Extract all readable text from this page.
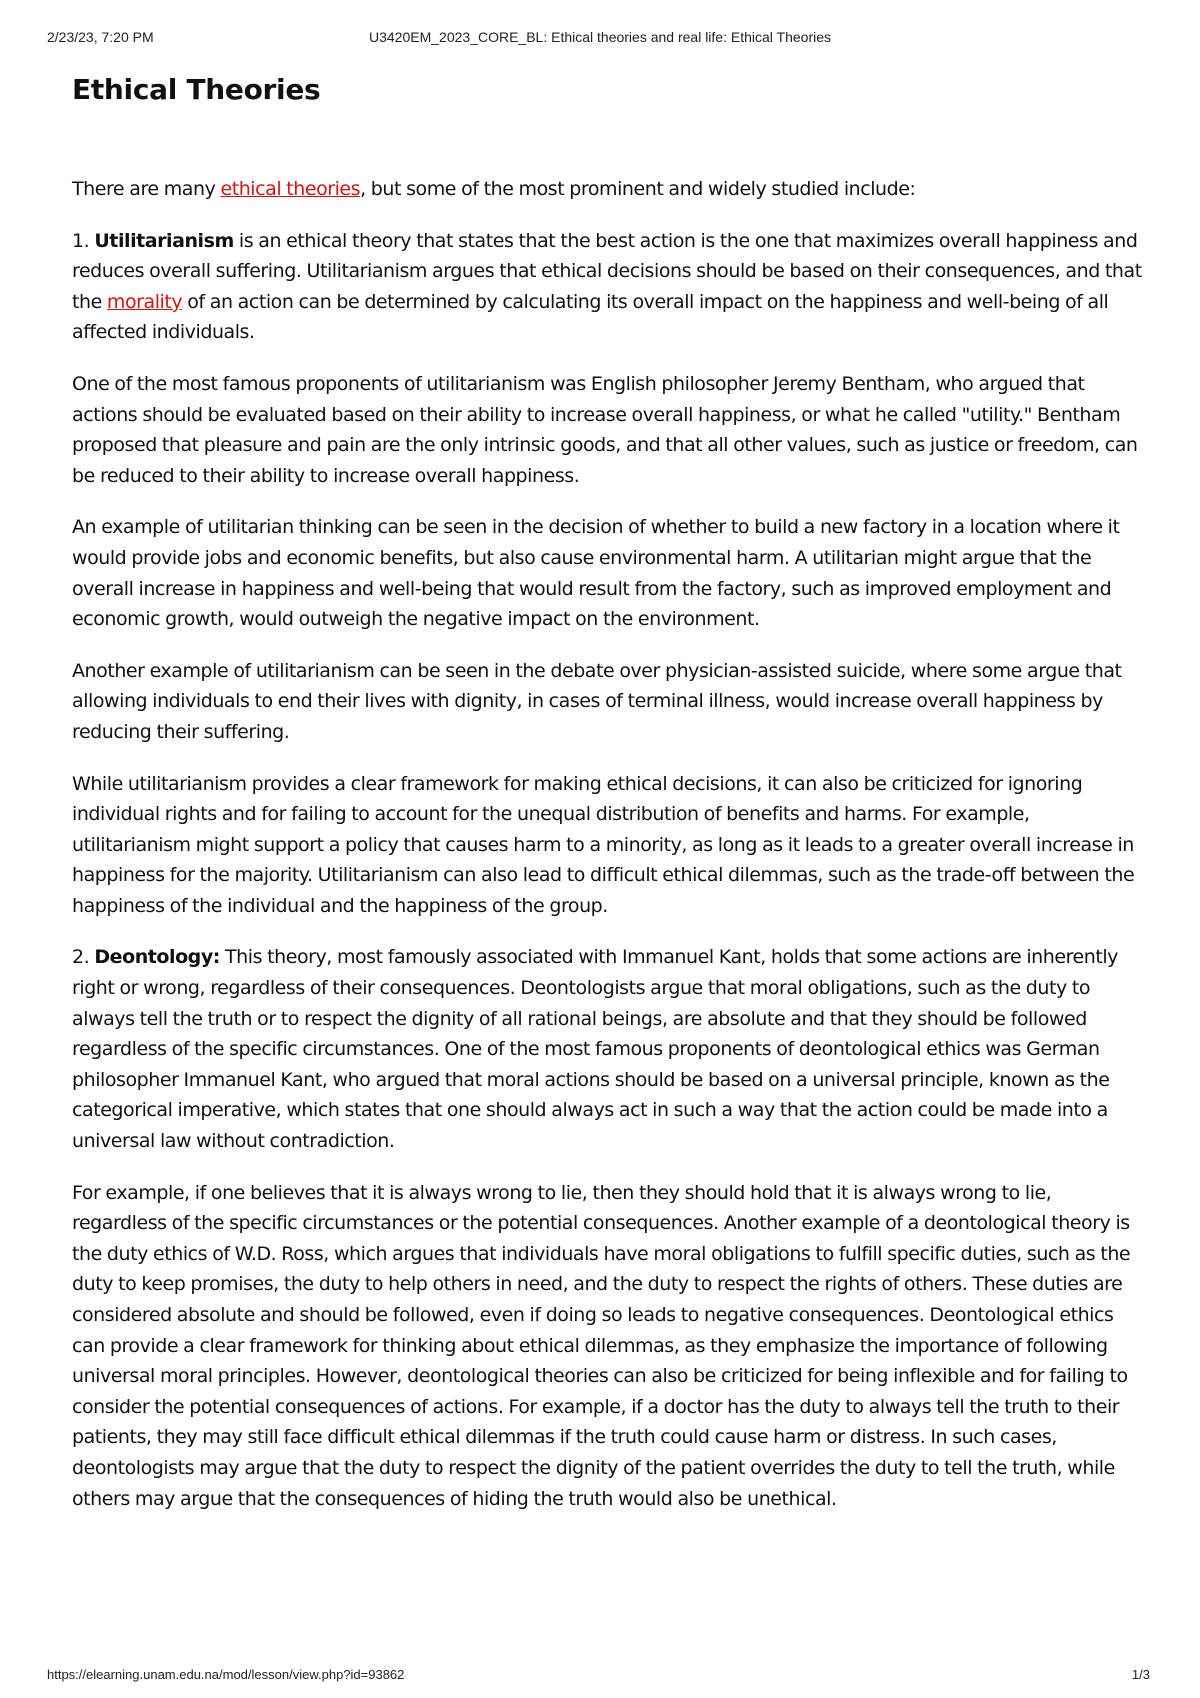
2/23/23, 7:20 PM	U3420EM_2023_CORE_BL: Ethical theories and real life: Ethical Theories
Ethical Theories

There are many ethical theories, but some of the most prominent and widely studied include:

1. Utilitarianism is an ethical theory that states that the best action is the one that maximizes overall happiness and reduces overall suffering. Utilitarianism argues that ethical decisions should be based on their consequences, and that the morality of an action can be determined by calculating its overall impact on the happiness and well-being of all affected individuals.

One of the most famous proponents of utilitarianism was English philosopher Jeremy Bentham, who argued that actions should be evaluated based on their ability to increase overall happiness, or what he called "utility." Bentham proposed that pleasure and pain are the only intrinsic goods, and that all other values, such as justice or freedom, can be reduced to their ability to increase overall happiness.

An example of utilitarian thinking can be seen in the decision of whether to build a new factory in a location where it would provide jobs and economic benefits, but also cause environmental harm. A utilitarian might argue that the overall increase in happiness and well-being that would result from the factory, such as improved employment and economic growth, would outweigh the negative impact on the environment.

Another example of utilitarianism can be seen in the debate over physician-assisted suicide, where some argue that allowing individuals to end their lives with dignity, in cases of terminal illness, would increase overall happiness by reducing their suffering.

While utilitarianism provides a clear framework for making ethical decisions, it can also be criticized for ignoring individual rights and for failing to account for the unequal distribution of benefits and harms. For example, utilitarianism might support a policy that causes harm to a minority, as long as it leads to a greater overall increase in happiness for the majority. Utilitarianism can also lead to difficult ethical dilemmas, such as the trade-off between the happiness of the individual and the happiness of the group.

2. Deontology: This theory, most famously associated with Immanuel Kant, holds that some actions are inherently right or wrong, regardless of their consequences. Deontologists argue that moral obligations, such as the duty to always tell the truth or to respect the dignity of all rational beings, are absolute and that they should be followed regardless of the specific circumstances. One of the most famous proponents of deontological ethics was German philosopher Immanuel Kant, who argued that moral actions should be based on a universal principle, known as the categorical imperative, which states that one should always act in such a way that the action could be made into a universal law without contradiction.

For example, if one believes that it is always wrong to lie, then they should hold that it is always wrong to lie, regardless of the specific circumstances or the potential consequences. Another example of a deontological theory is the duty ethics of W.D. Ross, which argues that individuals have moral obligations to fulfill specific duties, such as the duty to keep promises, the duty to help others in need, and the duty to respect the rights of others. These duties are considered absolute and should be followed, even if doing so leads to negative consequences. Deontological ethics can provide a clear framework for thinking about ethical dilemmas, as they emphasize the importance of following universal moral principles. However, deontological theories can also be criticized for being inflexible and for failing to consider the potential consequences of actions. For example, if a doctor has the duty to always tell the truth to their patients, they may still face difficult ethical dilemmas if the truth could cause harm or distress. In such cases, deontologists may argue that the duty to respect the dignity of the patient overrides the duty to tell the truth, while others may argue that the consequences of hiding the truth would also be unethical.

https://elearning.unam.edu.na/mod/lesson/view.php?id=93862	1/3
